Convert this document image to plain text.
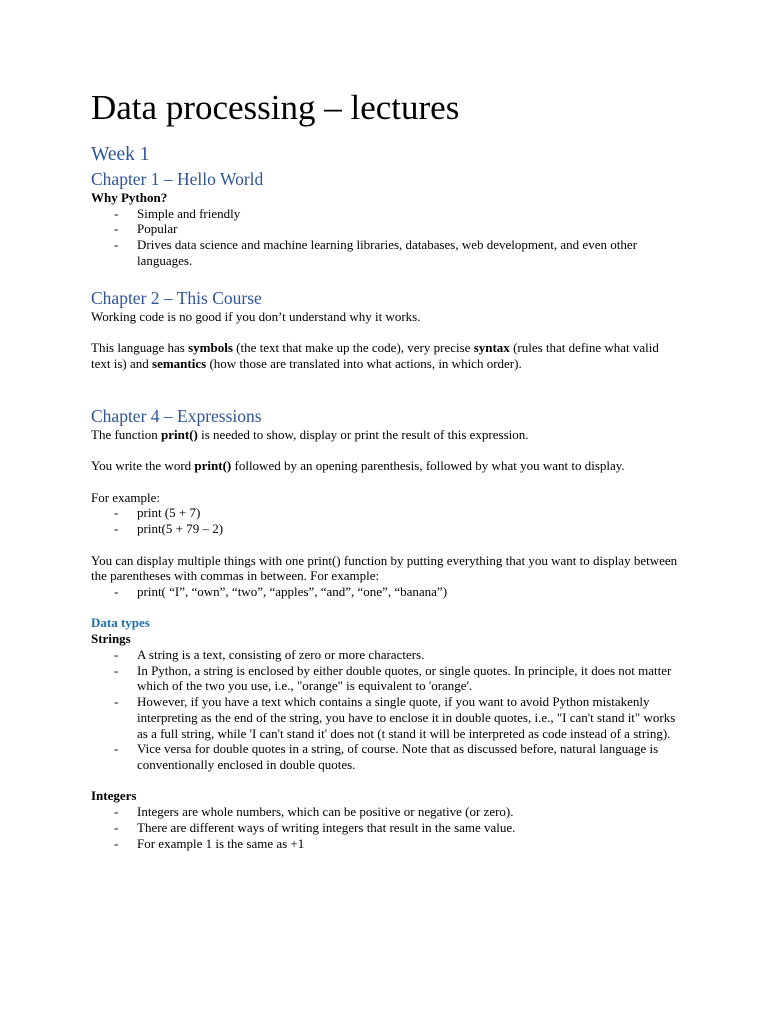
Data processing – lectures
Week 1
Chapter 1 – Hello World

Why Python?

- Simple and friendly
- Popular
- Drives data science and machine learning libraries, databases, web development, and even other languages.
Chapter 2 – This Course

Working code is no good if you don’t understand why it works.

This language has symbols (the text that make up the code), very precise syntax (rules that define what valid text is) and semantics (how those are translated into what actions, in which order).

Chapter 4 – Expressions

The function print() is needed to show, display or print the result of this expression.

You write the word print() followed by an opening parenthesis, followed by what you want to display.

For example:

- print (5 + 7)
- print(5 + 79 – 2)

You can display multiple things with one print() function by putting everything that you want to display between the parentheses with commas in between. For example:

- print( “I”, “own”, “two”, “apples”, “and”, “one”, “banana”)
Data types

Strings

- A string is a text, consisting of zero or more characters.
- In Python, a string is enclosed by either double quotes, or single quotes. In principle, it does not matter which of the two you use, i.e., "orange" is equivalent to 'orange'.
- However, if you have a text which contains a single quote, if you want to avoid Python mistakenly interpreting as the end of the string, you have to enclose it in double quotes, i.e., "I can't stand it" works as a full string, while 'I can't stand it' does not (t stand it will be interpreted as code instead of a string).
- Vice versa for double quotes in a string, of course. Note that as discussed before, natural language is conventionally enclosed in double quotes.

Integers

- Integers are whole numbers, which can be positive or negative (or zero).
- There are different ways of writing integers that result in the same value.
- For example 1 is the same as +1
